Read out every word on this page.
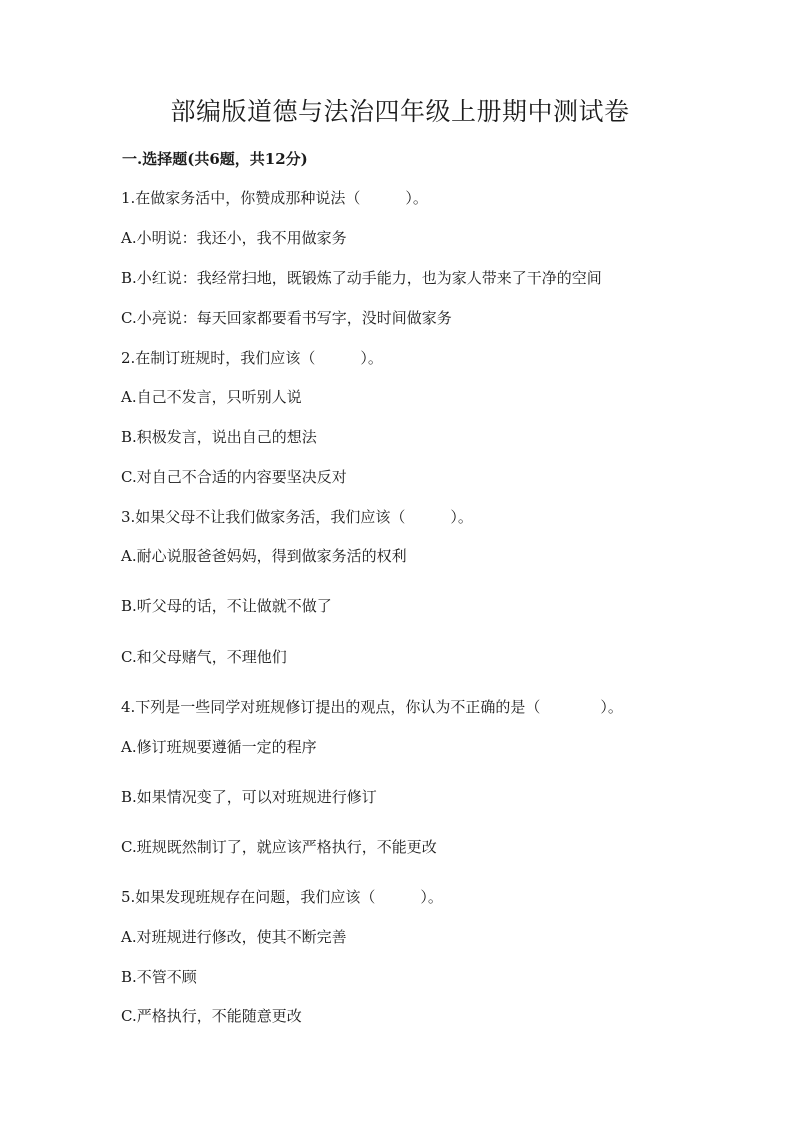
部编版道德与法治四年级上册期中测试卷
一.选择题(共6题，共12分)
1.在做家务活中，你赞成那种说法（　　　）。
A.小明说：我还小，我不用做家务
B.小红说：我经常扫地，既锻炼了动手能力，也为家人带来了干净的空间
C.小亮说：每天回家都要看书写字，没时间做家务
2.在制订班规时，我们应该（　　　）。
A.自己不发言，只听别人说
B.积极发言，说出自己的想法
C.对自己不合适的内容要坚决反对
3.如果父母不让我们做家务活，我们应该（　　　）。
A.耐心说服爸爸妈妈，得到做家务活的权利
B.听父母的话，不让做就不做了
C.和父母赌气，不理他们
4.下列是一些同学对班规修订提出的观点，你认为不正确的是（　　　　）。
A.修订班规要遵循一定的程序
B.如果情况变了，可以对班规进行修订
C.班规既然制订了，就应该严格执行，不能更改
5.如果发现班规存在问题，我们应该（　　　）。
A.对班规进行修改，使其不断完善
B.不管不顾
C.严格执行，不能随意更改
